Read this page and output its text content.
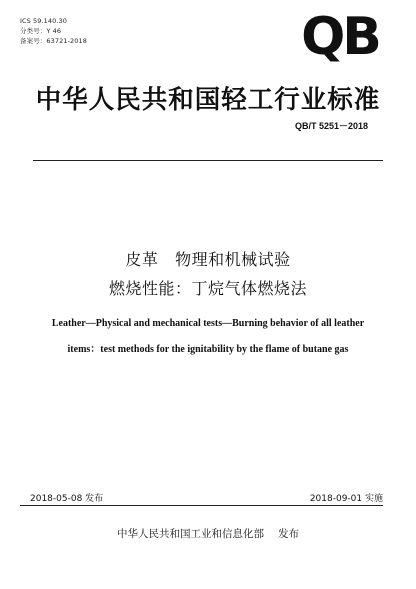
ICS 59.140.30
分类号：Y 46
备案号：63721-2018	QB
中华人民共和国轻工行业标准
QB/T 5251－2018
皮革   物理和机械试验
燃烧性能：丁烷气体燃烧法
Leather—Physical and mechanical tests—Burning behavior of all leather
items：test methods for the ignitability by the flame of butane gas
2018-05-08 发布	2018-09-01 实施
中华人民共和国工业和信息化部 发布
